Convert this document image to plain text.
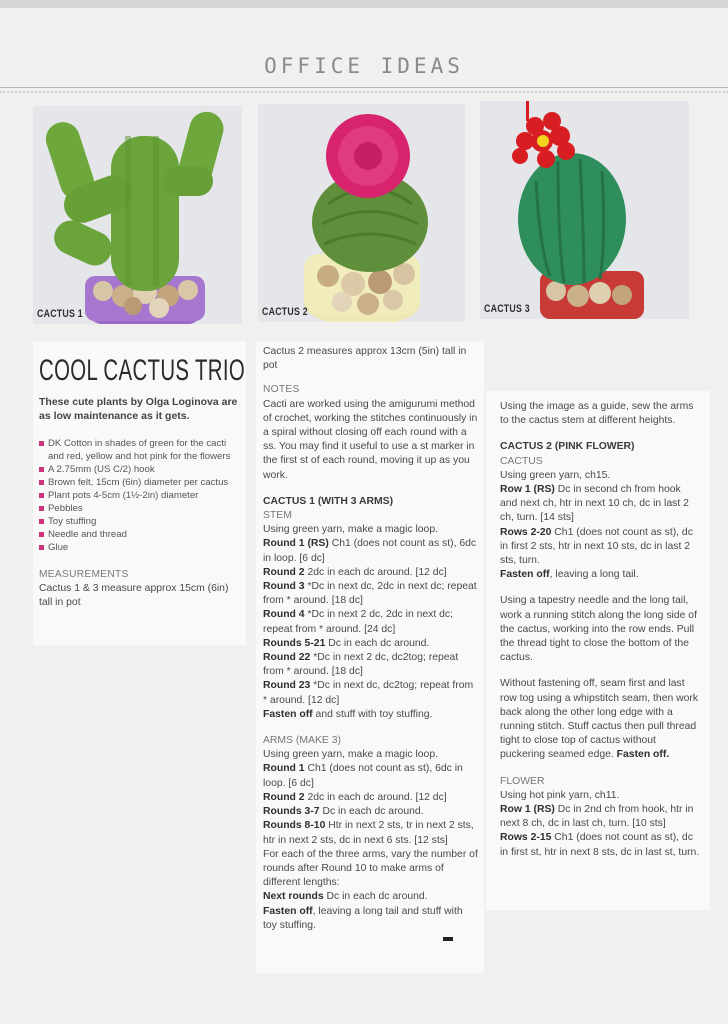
OFFICE IDEAS
CACTUS 1	CACTUS 2	CACTUS 3
COOL CACTUS TRIO

These cute plants by Olga Loginova are as low maintenance as it gets.

DK Cotton in shades of green for the cacti and red, yellow and hot pink for the flowers
A 2.75mm (US C/2) hook
Brown felt, 15cm (6in) diameter per cactus
Plant pots 4-5cm (1½-2in) diameter
Pebbles
Toy stuffing
Needle and thread
Glue

MEASUREMENTS

Cactus 1 & 3 measure approx 15cm (6in) tall in pot

Cactus 2 measures approx 13cm (5in) tall in pot

NOTES

Cacti are worked using the amigurumi method of crochet, working the stitches continuously in a spiral without closing off each round with a ss. You may find it useful to use a st marker in the first st of each round, moving it up as you work.

CACTUS 1 (WITH 3 ARMS)

STEM

Using green yarn, make a magic loop.

Round 1 (RS) Ch1 (does not count as st), 6dc in loop. [6 dc]

Round 2 2dc in each dc around. [12 dc]

Round 3 *Dc in next dc, 2dc in next dc; repeat from * around. [18 dc]

Round 4 *Dc in next 2 dc, 2dc in next dc; repeat from * around. [24 dc]

Rounds 5-21 Dc in each dc around.

Round 22 *Dc in next 2 dc, dc2tog; repeat from * around. [18 dc]

Round 23 *Dc in next dc, dc2tog; repeat from * around. [12 dc]

Fasten off and stuff with toy stuffing.

ARMS (MAKE 3)

Using green yarn, make a magic loop.

Round 1 Ch1 (does not count as st), 6dc in loop. [6 dc]

Round 2 2dc in each dc around. [12 dc]

Rounds 3-7 Dc in each dc around.

Rounds 8-10 Htr in next 2 sts, tr in next 2 sts, htr in next 2 sts, dc in next 6 sts. [12 sts]

For each of the three arms, vary the number of rounds after Round 10 to make arms of different lengths:

Next rounds Dc in each dc around.

Fasten off, leaving a long tail and stuff with toy stuffing.

Using the image as a guide, sew the arms to the cactus stem at different heights.

CACTUS 2 (PINK FLOWER)

CACTUS

Using green yarn, ch15.

Row 1 (RS) Dc in second ch from hook and next ch, htr in next 10 ch, dc in last 2 ch, turn. [14 sts]

Rows 2-20 Ch1 (does not count as st), dc in first 2 sts, htr in next 10 sts, dc in last 2 sts, turn.

Fasten off, leaving a long tail.

Using a tapestry needle and the long tail, work a running stitch along the long side of the cactus, working into the row ends. Pull the thread tight to close the bottom of the cactus.

Without fastening off, seam first and last row tog using a whipstitch seam, then work back along the other long edge with a running stitch. Stuff cactus then pull thread tight to close top of cactus without puckering seamed edge. Fasten off.

FLOWER

Using hot pink yarn, ch11.

Row 1 (RS) Dc in 2nd ch from hook, htr in next 8 ch, dc in last ch, turn. [10 sts]

Rows 2-15 Ch1 (does not count as st), dc in first st, htr in next 8 sts, dc in last st, turn.
